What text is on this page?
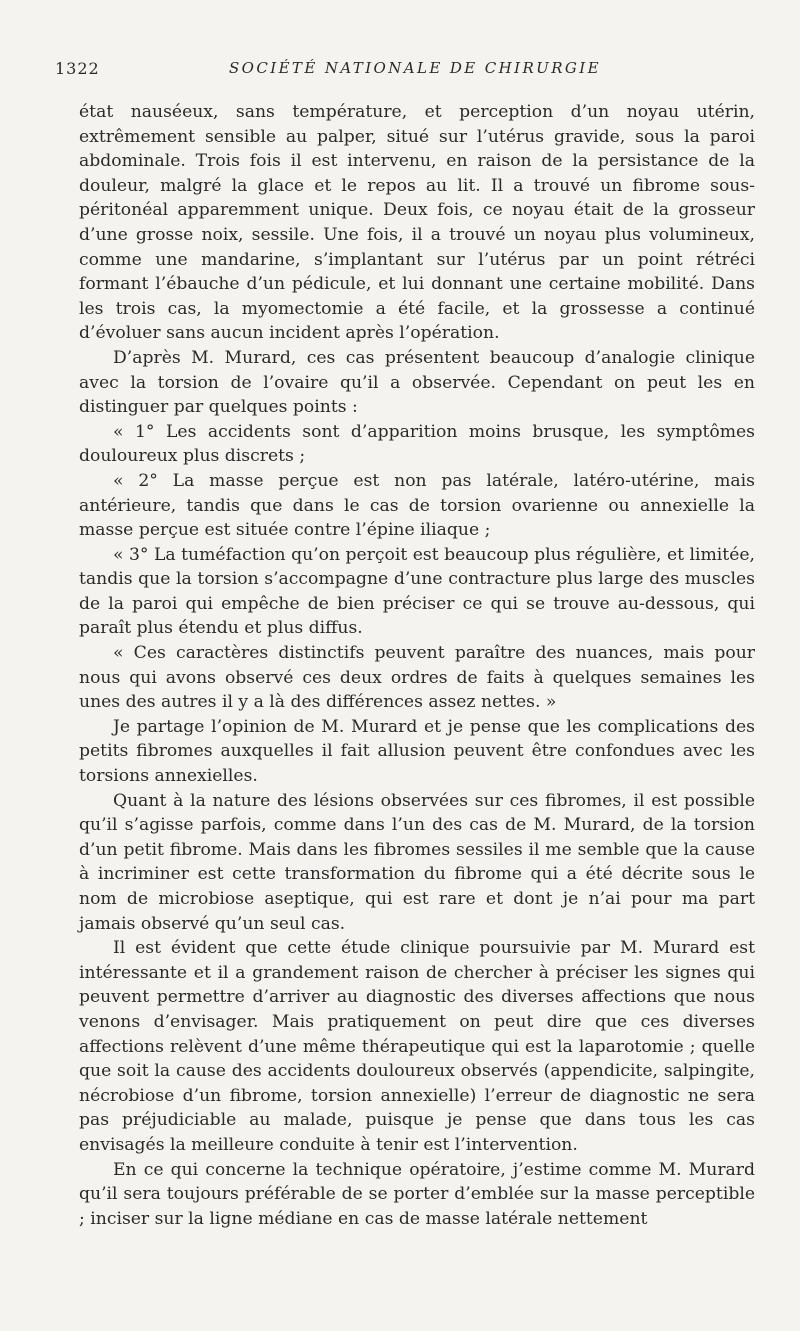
1322	SOCIÉTÉ NATIONALE DE CHIRURGIE

état nauséeux, sans température, et perception d’un noyau utérin, extrêmement sensible au palper, situé sur l’utérus gravide, sous la paroi abdominale. Trois fois il est intervenu, en raison de la persistance de la douleur, malgré la glace et le repos au lit. Il a trouvé un fibrome sous-péritonéal apparemment unique. Deux fois, ce noyau était de la grosseur d’une grosse noix, sessile. Une fois, il a trouvé un noyau plus volumineux, comme une mandarine, s’implantant sur l’utérus par un point rétréci formant l’ébauche d’un pédicule, et lui donnant une certaine mobilité. Dans les trois cas, la myomectomie a été facile, et la grossesse a continué d’évoluer sans aucun incident après l’opération.

D’après M. Murard, ces cas présentent beaucoup d’analogie clinique avec la torsion de l’ovaire qu’il a observée. Cependant on peut les en distinguer par quelques points :

« 1° Les accidents sont d’apparition moins brusque, les symptômes douloureux plus discrets ;

« 2° La masse perçue est non pas latérale, latéro-utérine, mais antérieure, tandis que dans le cas de torsion ovarienne ou annexielle la masse perçue est située contre l’épine iliaque ;

« 3° La tuméfaction qu’on perçoit est beaucoup plus régulière, et limitée, tandis que la torsion s’accompagne d’une contracture plus large des muscles de la paroi qui empêche de bien préciser ce qui se trouve au-dessous, qui paraît plus étendu et plus diffus.

« Ces caractères distinctifs peuvent paraître des nuances, mais pour nous qui avons observé ces deux ordres de faits à quelques semaines les unes des autres il y a là des différences assez nettes. »

Je partage l’opinion de M. Murard et je pense que les complications des petits fibromes auxquelles il fait allusion peuvent être confondues avec les torsions annexielles.

Quant à la nature des lésions observées sur ces fibromes, il est possible qu’il s’agisse parfois, comme dans l’un des cas de M. Murard, de la torsion d’un petit fibrome. Mais dans les fibromes sessiles il me semble que la cause à incriminer est cette transformation du fibrome qui a été décrite sous le nom de microbiose aseptique, qui est rare et dont je n’ai pour ma part jamais observé qu’un seul cas.

Il est évident que cette étude clinique poursuivie par M. Murard est intéressante et il a grandement raison de chercher à préciser les signes qui peuvent permettre d’arriver au diagnostic des diverses affections que nous venons d’envisager. Mais pratiquement on peut dire que ces diverses affections relèvent d’une même thérapeutique qui est la laparotomie ; quelle que soit la cause des accidents douloureux observés (appendicite, salpingite, nécrobiose d’un fibrome, torsion annexielle) l’erreur de diagnostic ne sera pas préjudiciable au malade, puisque je pense que dans tous les cas envisagés la meilleure conduite à tenir est l’intervention.

En ce qui concerne la technique opératoire, j’estime comme M. Murard qu’il sera toujours préférable de se porter d’emblée sur la masse perceptible ; inciser sur la ligne médiane en cas de masse latérale nettement
